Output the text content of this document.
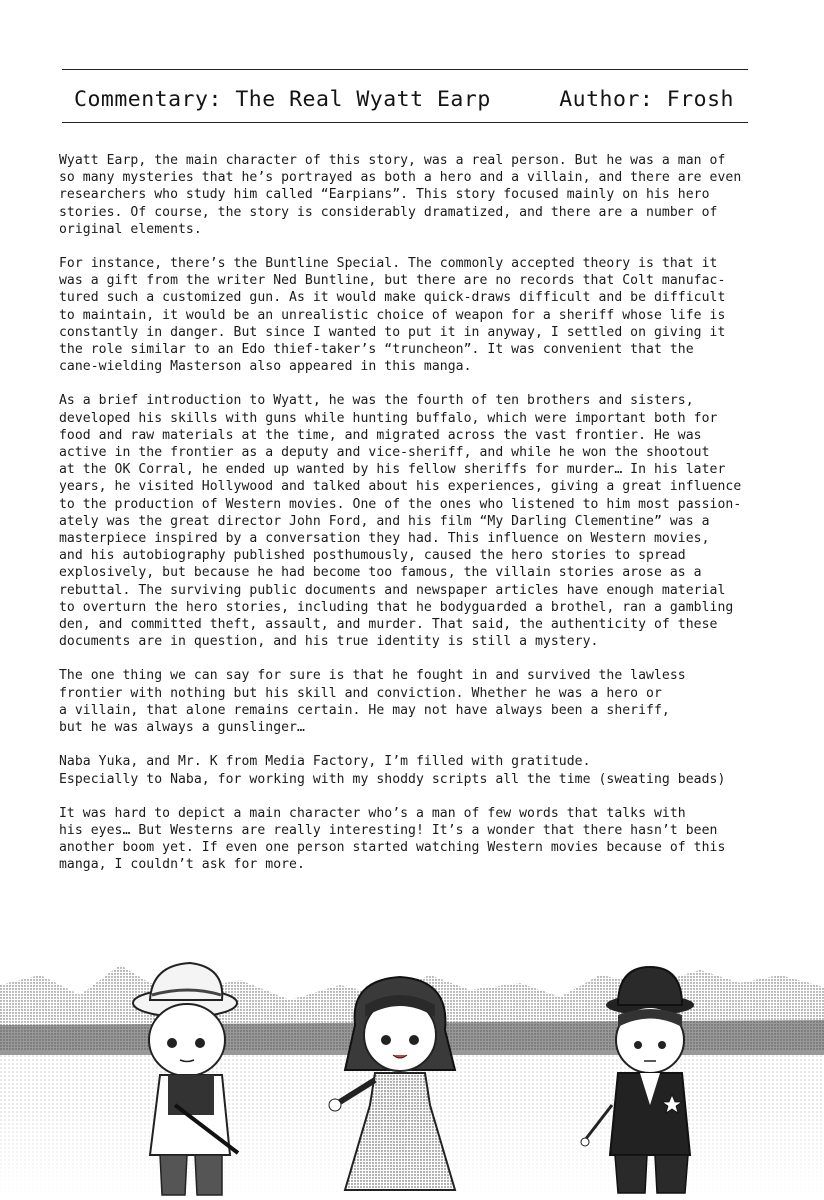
Commentary: The Real Wyatt Earp	Author: Frosh

Wyatt Earp, the main character of this story, was a real person. But he was a man of
so many mysteries that he’s portrayed as both a hero and a villain, and there are even
researchers who study him called “Earpians”. This story focused mainly on his hero
stories. Of course, the story is considerably dramatized, and there are a number of
original elements.

For instance, there’s the Buntline Special. The commonly accepted theory is that it
was a gift from the writer Ned Buntline, but there are no records that Colt manufac-
tured such a customized gun. As it would make quick-draws difficult and be difficult
to maintain, it would be an unrealistic choice of weapon for a sheriff whose life is
constantly in danger. But since I wanted to put it in anyway, I settled on giving it
the role similar to an Edo thief-taker’s “truncheon”. It was convenient that the
cane-wielding Masterson also appeared in this manga.

As a brief introduction to Wyatt, he was the fourth of ten brothers and sisters,
developed his skills with guns while hunting buffalo, which were important both for
food and raw materials at the time, and migrated across the vast frontier. He was
active in the frontier as a deputy and vice-sheriff, and while he won the shootout
at the OK Corral, he ended up wanted by his fellow sheriffs for murder… In his later
years, he visited Hollywood and talked about his experiences, giving a great influence
to the production of Western movies. One of the ones who listened to him most passion-
ately was the great director John Ford, and his film “My Darling Clementine” was a
masterpiece inspired by a conversation they had. This influence on Western movies,
and his autobiography published posthumously, caused the hero stories to spread
explosively, but because he had become too famous, the villain stories arose as a
rebuttal. The surviving public documents and newspaper articles have enough material
to overturn the hero stories, including that he bodyguarded a brothel, ran a gambling
den, and committed theft, assault, and murder. That said, the authenticity of these
documents are in question, and his true identity is still a mystery.

The one thing we can say for sure is that he fought in and survived the lawless
frontier with nothing but his skill and conviction. Whether he was a hero or
a villain, that alone remains certain. He may not have always been a sheriff,
but he was always a gunslinger…

Naba Yuka, and Mr. K from Media Factory, I’m filled with gratitude.
Especially to Naba, for working with my shoddy scripts all the time (sweating beads)

It was hard to depict a main character who’s a man of few words that talks with
his eyes… But Westerns are really interesting! It’s a wonder that there hasn’t been
another boom yet. If even one person started watching Western movies because of this
manga, I couldn’t ask for more.
